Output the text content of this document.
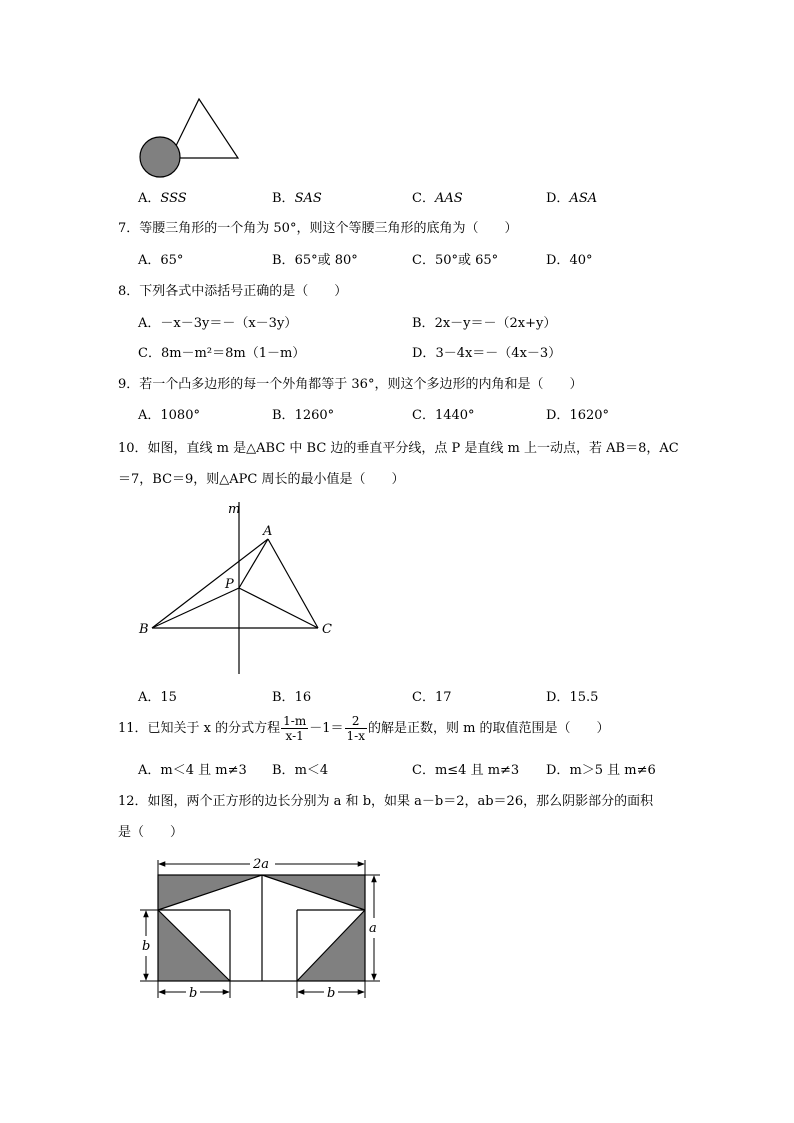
A．SSS	B．SAS	C．AAS	D．ASA
7．等腰三角形的一个角为 50°，则这个等腰三角形的底角为（　　）
A．65°	B．65°或 80°	C．50°或 65°	D．40°
8．下列各式中添括号正确的是（　　）
A．－x－3y＝－（x－3y）	B．2x－y＝－（2x+y）
C．8m－m²＝8m（1－m）	D．3－4x＝－（4x－3）
9．若一个凸多边形的每一个外角都等于 36°，则这个多边形的内角和是（　　）
A．1080°	B．1260°	C．1440°	D．1620°
10．如图，直线 m 是△ABC 中 BC 边的垂直平分线，点 P 是直线 m 上一动点，若 AB＝8，AC
＝7，BC＝9，则△APC 周长的最小值是（　　）
m
A
P
B	C
A．15	B．16	C．17	D．15.5
11．已知关于 x 的分式方程 $\frac{1-m}{x-1} -1= \frac{2}{1-x}$ 的解是正数，则 m 的取值范围是（　　）
A．m＜4 且 m≠3 B．m＜4	C．m≤4 且 m≠3 D．m＞5 且 m≠6
12．如图，两个正方形的边长分别为 a 和 b，如果 a－b＝2，ab＝26，那么阴影部分的面积
是（　　）
2a
b
a
b	b
